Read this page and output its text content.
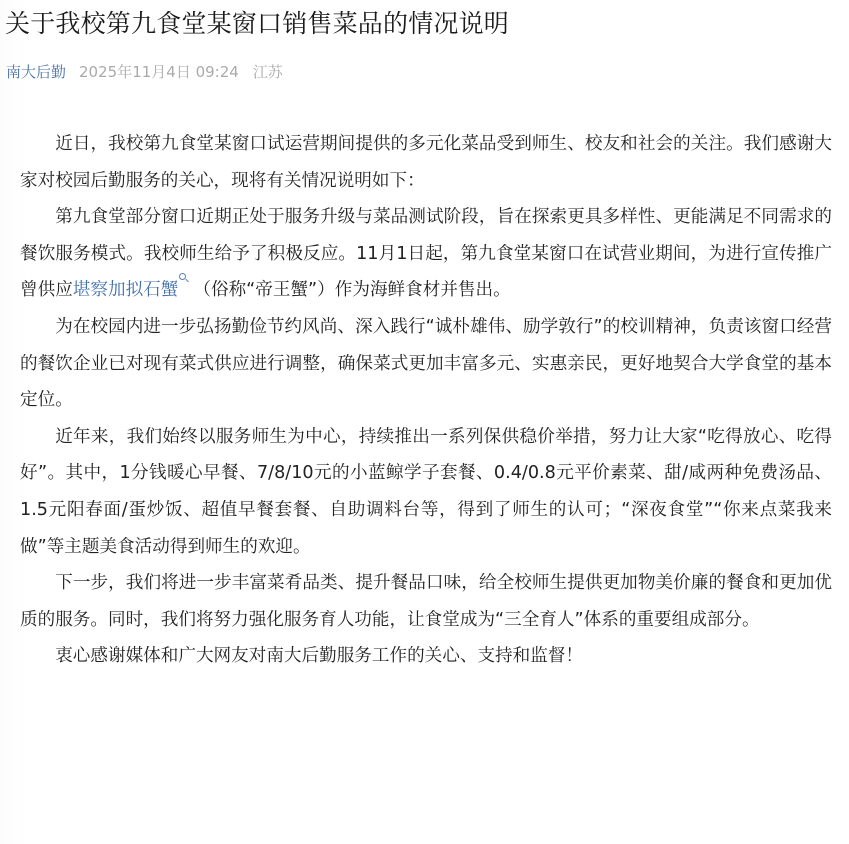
关于我校第九食堂某窗口销售菜品的情况说明
南大后勤 2025年11月4日 09:24 江苏

近日，我校第九食堂某窗口试运营期间提供的多元化菜品受到师生、校友和社会的关注。我们感谢大家对校园后勤服务的关心，现将有关情况说明如下：

第九食堂部分窗口近期正处于服务升级与菜品测试阶段，旨在探索更具多样性、更能满足不同需求的餐饮服务模式。我校师生给予了积极反应。11月1日起，第九食堂某窗口在试营业期间，为进行宣传推广曾供应堪察加拟石蟹 （俗称“帝王蟹”）作为海鲜食材并售出。

为在校园内进一步弘扬勤俭节约风尚、深入践行“诚朴雄伟、励学敦行”的校训精神，负责该窗口经营的餐饮企业已对现有菜式供应进行调整，确保菜式更加丰富多元、实惠亲民，更好地契合大学食堂的基本定位。

近年来，我们始终以服务师生为中心，持续推出一系列保供稳价举措，努力让大家“吃得放心、吃得好”。其中，1分钱暖心早餐、7/8/10元的小蓝鲸学子套餐、0.4/0.8元平价素菜、甜/咸两种免费汤品、1.5元阳春面/蛋炒饭、超值早餐套餐、自助调料台等，得到了师生的认可；“深夜食堂”“你来点菜我来做”等主题美食活动得到师生的欢迎。

下一步，我们将进一步丰富菜肴品类、提升餐品口味，给全校师生提供更加物美价廉的餐食和更加优质的服务。同时，我们将努力强化服务育人功能，让食堂成为“三全育人”体系的重要组成部分。

衷心感谢媒体和广大网友对南大后勤服务工作的关心、支持和监督！
